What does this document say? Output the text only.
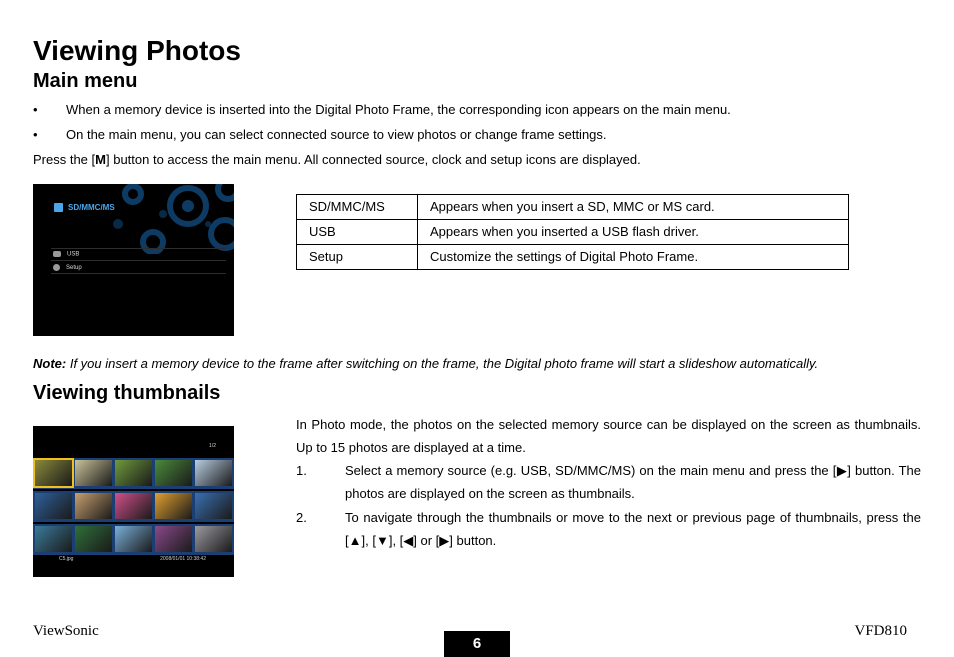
Viewing Photos
Main menu
• When a memory device is inserted into the Digital Photo Frame, the corresponding icon appears on the main menu.
• On the main menu, you can select connected source to view photos or change frame settings.
Press the [M] button to access the main menu. All connected source, clock and setup icons are displayed.
SD/MMC/MS
USB
Setup
SD/MMC/MS	Appears when you insert a SD, MMC or MS card.
USB	Appears when you inserted a USB flash driver.
Setup	Customize the settings of Digital Photo Frame.
Note: If you insert a memory device to the frame after switching on the frame, the Digital photo frame will start a slideshow automatically.
Viewing thumbnails
1/2
C5.jpg	2008/01/01 10:38:42
In Photo mode, the photos on the selected memory source can be displayed on the screen as thumbnails. Up to 15 photos are displayed at a time.
1.	Select a memory source (e.g. USB, SD/MMC/MS) on the main menu and press the [▶] button. The photos are displayed on the screen as thumbnails.
2.	To navigate through the thumbnails or move to the next or previous page of thumbnails, press the [▲], [▼], [◀] or [▶] button.
ViewSonic
6
VFD810
